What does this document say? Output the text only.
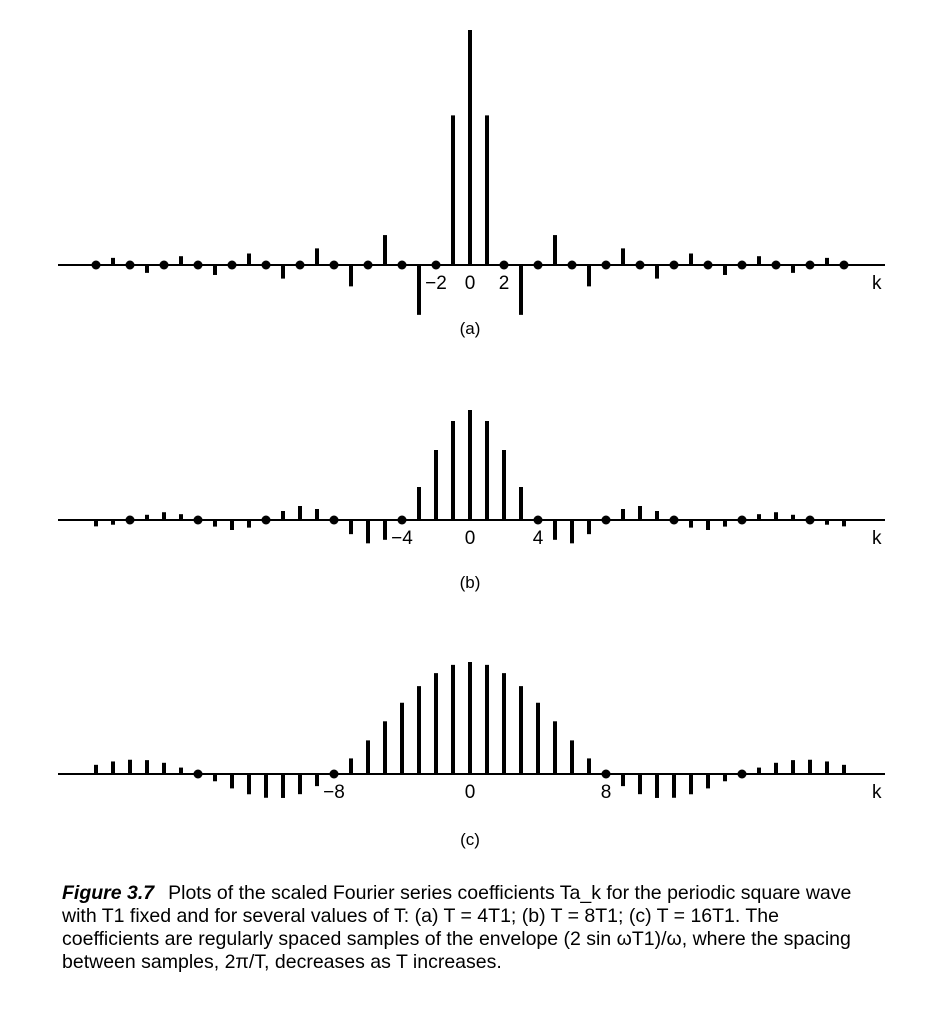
k
−2 0 2
(a)
k
−4	0	4
(b)
k
−8	0	8
(c)
Figure 3.7 Plots of the scaled Fourier series coefficients Ta_k for the periodic square wave with T1 fixed and for several values of T: (a) T = 4T1; (b) T = 8T1; (c) T = 16T1. The coefficients are regularly spaced samples of the envelope (2 sin ωT1)/ω, where the spacing between samples, 2π/T, decreases as T increases.
